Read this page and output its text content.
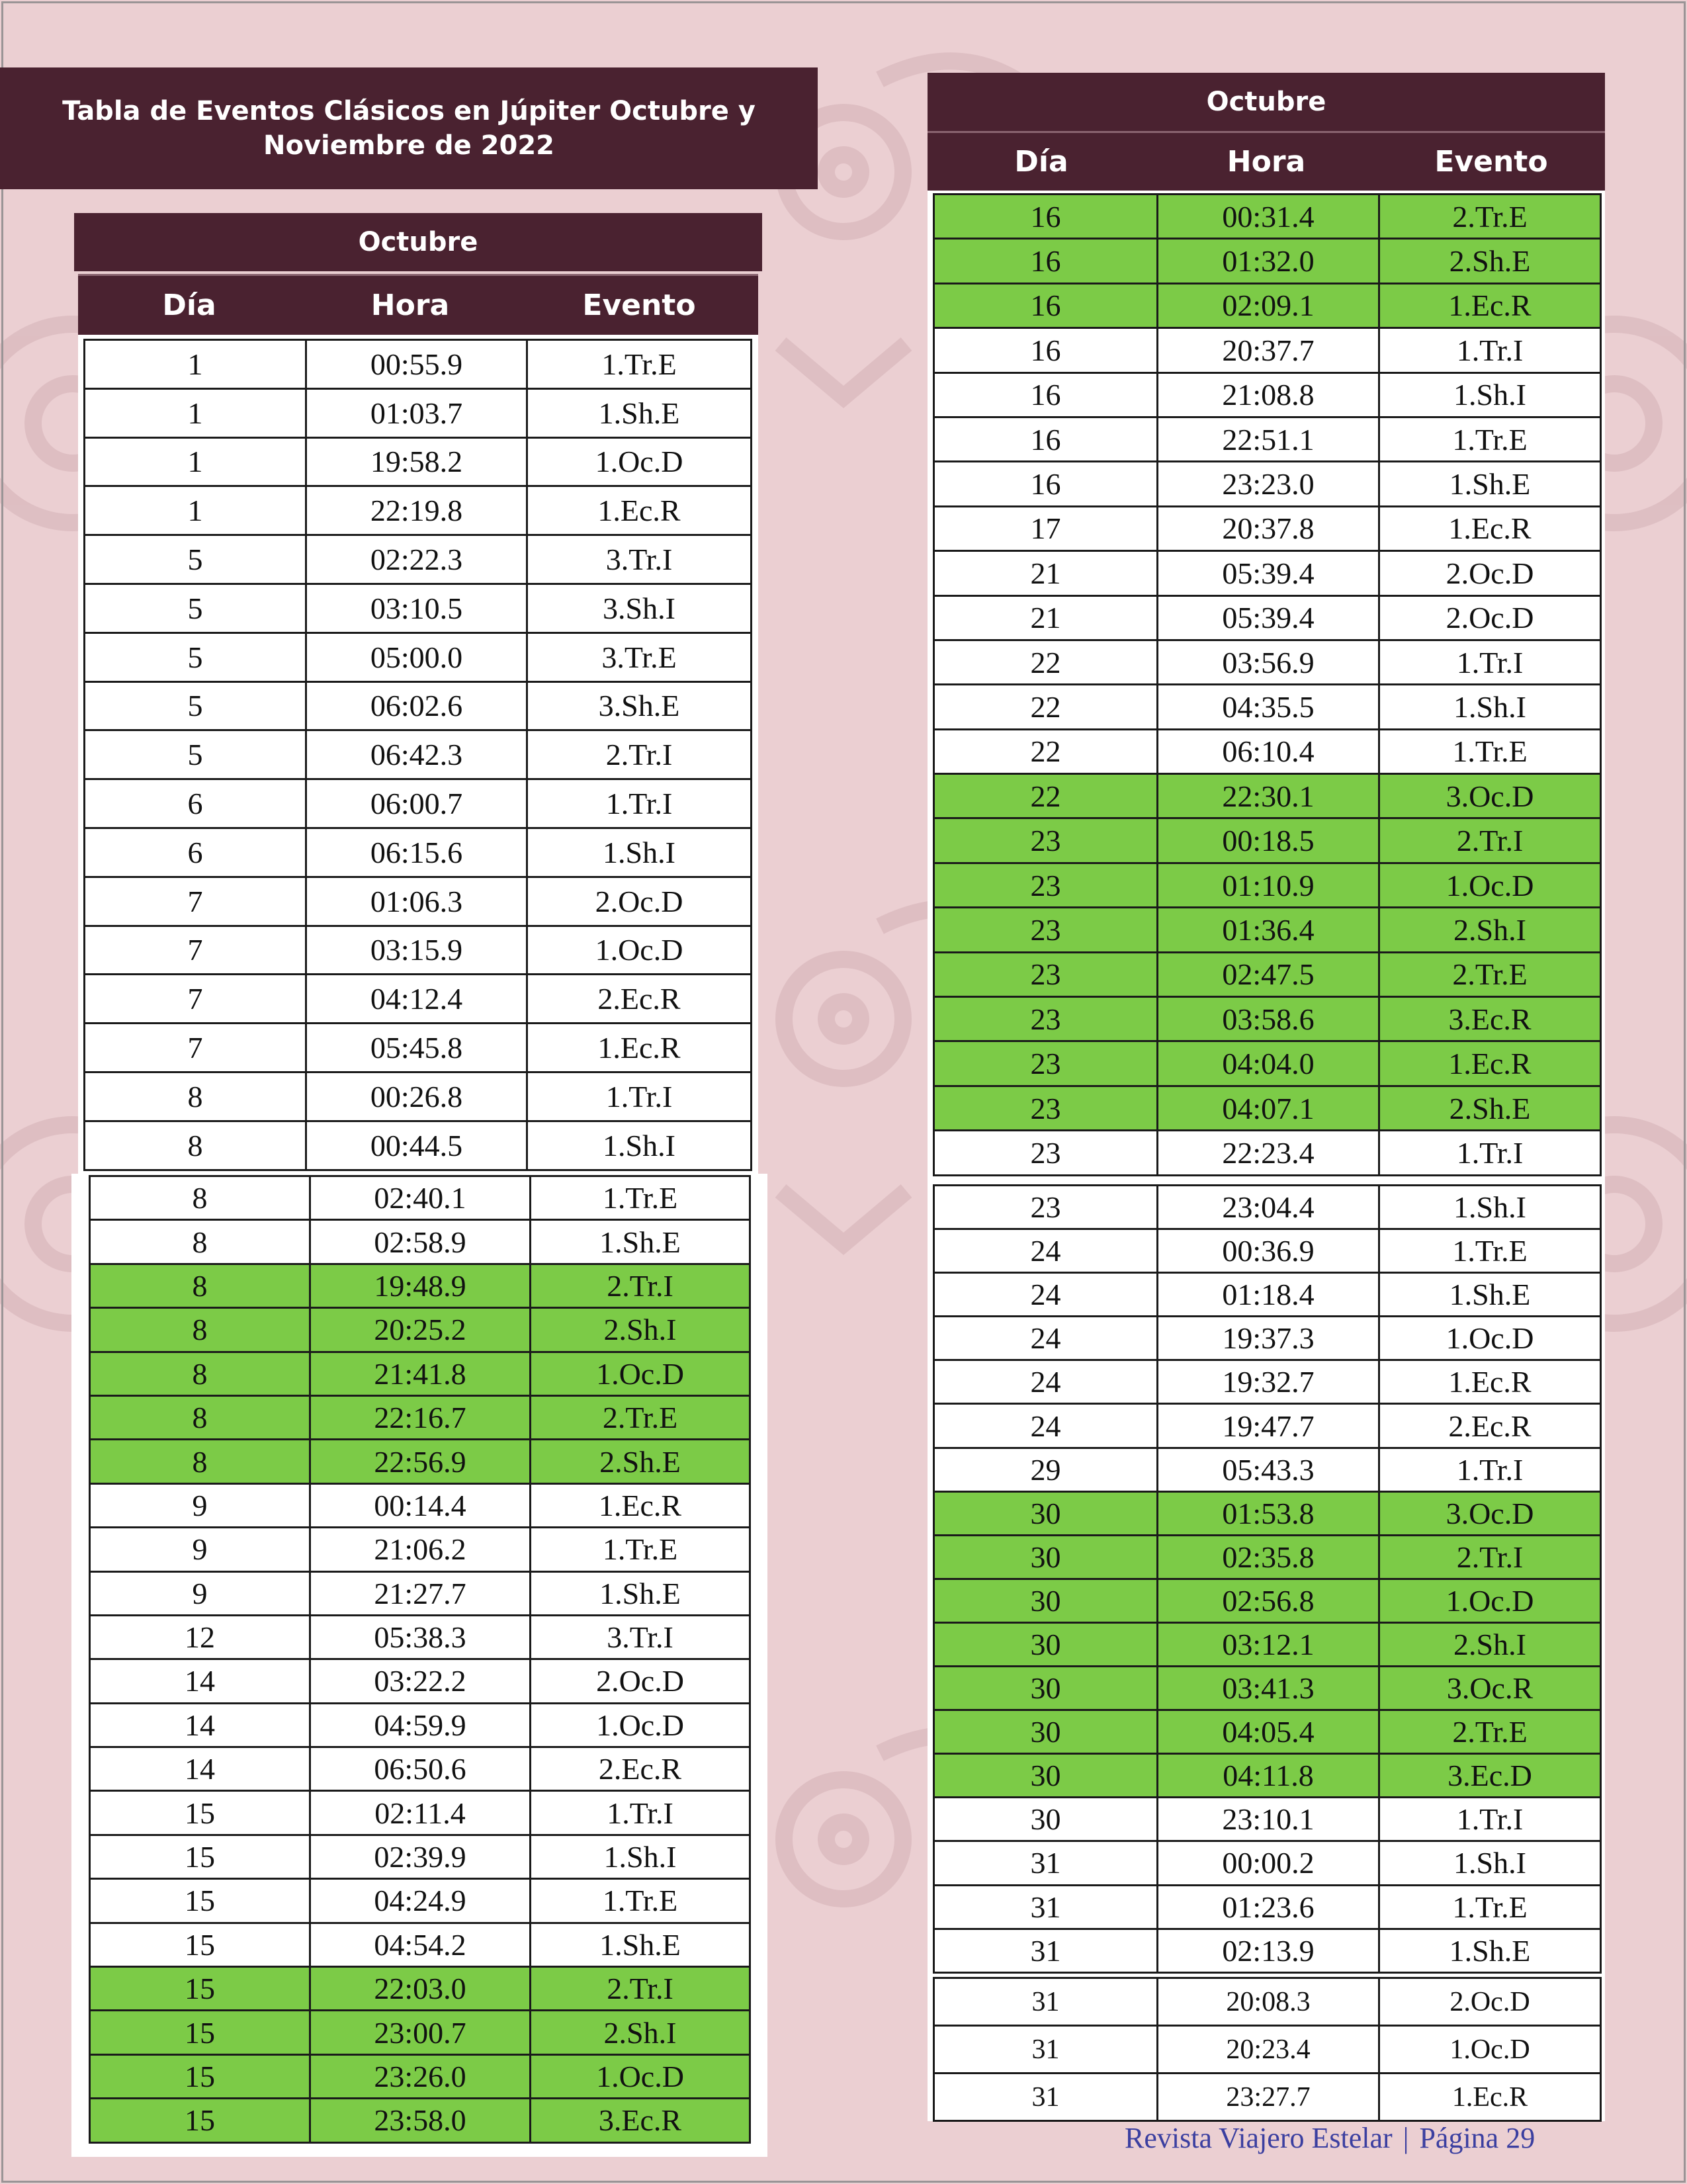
Tabla de Eventos Clásicos en Júpiter Octubre y Noviembre de 2022
Octubre
Día	Hora	Evento
1	00:55.9	1.Tr.E
1	01:03.7	1.Sh.E
1	19:58.2	1.Oc.D
1	22:19.8	1.Ec.R
5	02:22.3	3.Tr.I
5	03:10.5	3.Sh.I
5	05:00.0	3.Tr.E
5	06:02.6	3.Sh.E
5	06:42.3	2.Tr.I
6	06:00.7	1.Tr.I
6	06:15.6	1.Sh.I
7	01:06.3	2.Oc.D
7	03:15.9	1.Oc.D
7	04:12.4	2.Ec.R
7	05:45.8	1.Ec.R
8	00:26.8	1.Tr.I
8	00:44.5	1.Sh.I
8	02:40.1	1.Tr.E
8	02:58.9	1.Sh.E
8	19:48.9	2.Tr.I
8	20:25.2	2.Sh.I
8	21:41.8	1.Oc.D
8	22:16.7	2.Tr.E
8	22:56.9	2.Sh.E
9	00:14.4	1.Ec.R
9	21:06.2	1.Tr.E
9	21:27.7	1.Sh.E
12	05:38.3	3.Tr.I
14	03:22.2	2.Oc.D
14	04:59.9	1.Oc.D
14	06:50.6	2.Ec.R
15	02:11.4	1.Tr.I
15	02:39.9	1.Sh.I
15	04:24.9	1.Tr.E
15	04:54.2	1.Sh.E
15	22:03.0	2.Tr.I
15	23:00.7	2.Sh.I
15	23:26.0	1.Oc.D
15	23:58.0	3.Ec.R
Octubre
Día	Hora	Evento
16	00:31.4	2.Tr.E
16	01:32.0	2.Sh.E
16	02:09.1	1.Ec.R
16	20:37.7	1.Tr.I
16	21:08.8	1.Sh.I
16	22:51.1	1.Tr.E
16	23:23.0	1.Sh.E
17	20:37.8	1.Ec.R
21	05:39.4	2.Oc.D
21	05:39.4	2.Oc.D
22	03:56.9	1.Tr.I
22	04:35.5	1.Sh.I
22	06:10.4	1.Tr.E
22	22:30.1	3.Oc.D
23	00:18.5	2.Tr.I
23	01:10.9	1.Oc.D
23	01:36.4	2.Sh.I
23	02:47.5	2.Tr.E
23	03:58.6	3.Ec.R
23	04:04.0	1.Ec.R
23	04:07.1	2.Sh.E
23	22:23.4	1.Tr.I
23	23:04.4	1.Sh.I
24	00:36.9	1.Tr.E
24	01:18.4	1.Sh.E
24	19:37.3	1.Oc.D
24	19:32.7	1.Ec.R
24	19:47.7	2.Ec.R
29	05:43.3	1.Tr.I
30	01:53.8	3.Oc.D
30	02:35.8	2.Tr.I
30	02:56.8	1.Oc.D
30	03:12.1	2.Sh.I
30	03:41.3	3.Oc.R
30	04:05.4	2.Tr.E
30	04:11.8	3.Ec.D
30	23:10.1	1.Tr.I
31	00:00.2	1.Sh.I
31	01:23.6	1.Tr.E
31	02:13.9	1.Sh.E
31	20:08.3	2.Oc.D
31	20:23.4	1.Oc.D
31	23:27.7	1.Ec.R
Revista Viajero Estelar | Página 29
